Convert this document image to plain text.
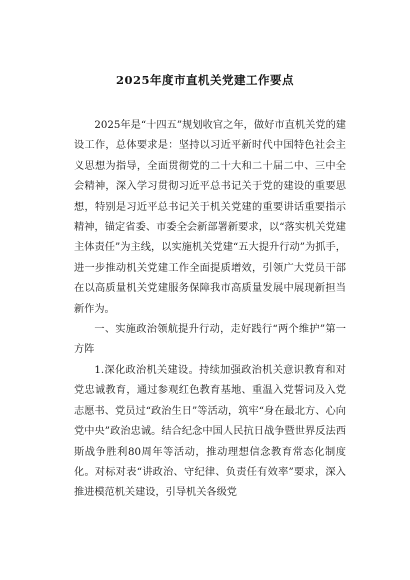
2025年度市直机关党建工作要点

2025年是“十四五”规划收官之年，做好市直机关党的建设工作，总体要求是：坚持以习近平新时代中国特色社会主义思想为指导，全面贯彻党的二十大和二十届二中、三中全会精神，深入学习贯彻习近平总书记关于党的建设的重要思想，特别是习近平总书记关于机关党建的重要讲话重要指示精神，锚定省委、市委全会新部署新要求，以“落实机关党建主体责任”为主线，以实施机关党建“五大提升行动”为抓手，进一步推动机关党建工作全面提质增效，引领广大党员干部在以高质量机关党建服务保障我市高质量发展中展现新担当新作为。

一、实施政治领航提升行动，走好践行“两个维护”第一方阵

1.深化政治机关建设。持续加强政治机关意识教育和对党忠诚教育，通过参观红色教育基地、重温入党誓词及入党志愿书、党员过“政治生日”等活动，筑牢“身在最北方、心向党中央”政治忠诚。结合纪念中国人民抗日战争暨世界反法西斯战争胜利80周年等活动，推动理想信念教育常态化制度化。对标对表“讲政治、守纪律、负责任有效率”要求，深入推进模范机关建设，引导机关各级党
